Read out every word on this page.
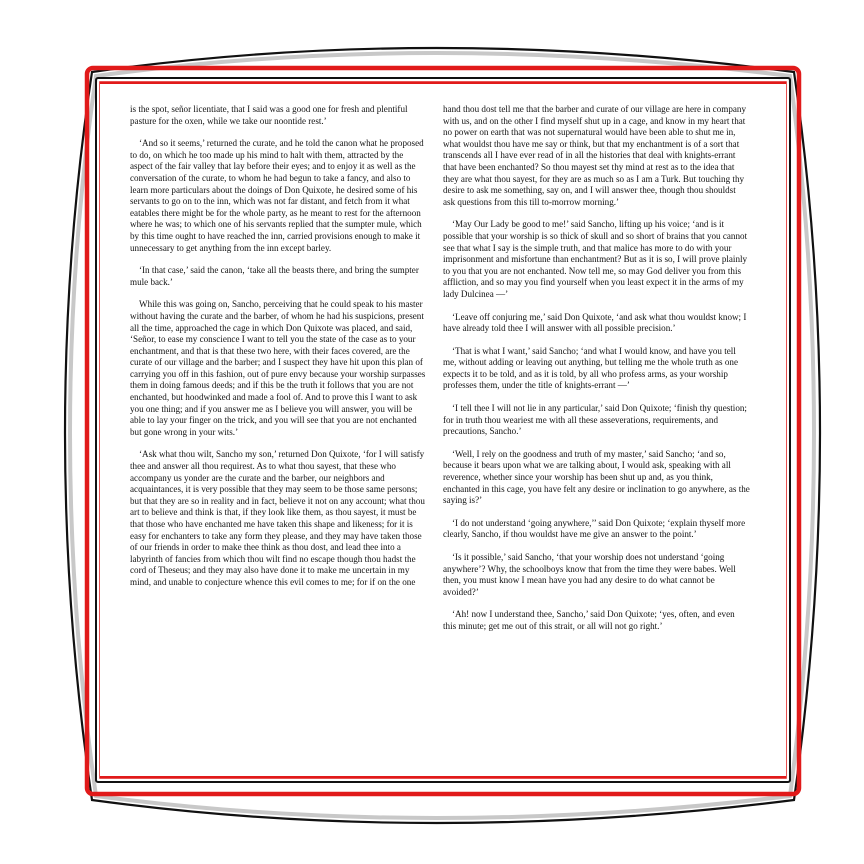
is the spot, señor licentiate, that I said was a good one for fresh and plentiful pasture for the oxen, while we take our noontide rest.’

‘And so it seems,’ returned the curate, and he told the canon what he proposed to do, on which he too made up his mind to halt with them, attracted by the aspect of the fair valley that lay before their eyes; and to enjoy it as well as the conversation of the curate, to whom he had begun to take a fancy, and also to learn more particulars about the doings of Don Quixote, he desired some of his servants to go on to the inn, which was not far distant, and fetch from it what eatables there might be for the whole party, as he meant to rest for the afternoon where he was; to which one of his servants replied that the sumpter mule, which by this time ought to have reached the inn, carried provisions enough to make it unnecessary to get anything from the inn except barley.

‘In that case,’ said the canon, ‘take all the beasts there, and bring the sumpter mule back.’

While this was going on, Sancho, perceiving that he could speak to his master without having the curate and the barber, of whom he had his suspicions, present all the time, approached the cage in which Don Quixote was placed, and said, ‘Señor, to ease my conscience I want to tell you the state of the case as to your enchantment, and that is that these two here, with their faces covered, are the curate of our village and the barber; and I suspect they have hit upon this plan of carrying you off in this fashion, out of pure envy because your worship surpasses them in doing famous deeds; and if this be the truth it follows that you are not enchanted, but hoodwinked and made a fool of. And to prove this I want to ask you one thing; and if you answer me as I believe you will answer, you will be able to lay your finger on the trick, and you will see that you are not enchanted but gone wrong in your wits.’

‘Ask what thou wilt, Sancho my son,’ returned Don Quixote, ‘for I will satisfy thee and answer all thou requirest. As to what thou sayest, that these who accompany us yonder are the curate and the barber, our neighbors and acquaintances, it is very possible that they may seem to be those same persons; but that they are so in reality and in fact, believe it not on any account; what thou art to believe and think is that, if they look like them, as thou sayest, it must be that those who have enchanted me have taken this shape and likeness; for it is easy for enchanters to take any form they please, and they may have taken those of our friends in order to make thee think as thou dost, and lead thee into a labyrinth of fancies from which thou wilt find no escape though thou hadst the cord of Theseus; and they may also have done it to make me uncertain in my mind, and unable to conjecture whence this evil comes to me; for if on the one

hand thou dost tell me that the barber and curate of our village are here in company with us, and on the other I find myself shut up in a cage, and know in my heart that no power on earth that was not supernatural would have been able to shut me in, what wouldst thou have me say or think, but that my enchantment is of a sort that transcends all I have ever read of in all the histories that deal with knights-errant that have been enchanted? So thou mayest set thy mind at rest as to the idea that they are what thou sayest, for they are as much so as I am a Turk. But touching thy desire to ask me something, say on, and I will answer thee, though thou shouldst ask questions from this till to-morrow morning.’

‘May Our Lady be good to me!’ said Sancho, lifting up his voice; ‘and is it possible that your worship is so thick of skull and so short of brains that you cannot see that what I say is the simple truth, and that malice has more to do with your imprisonment and misfortune than enchantment? But as it is so, I will prove plainly to you that you are not enchanted. Now tell me, so may God deliver you from this affliction, and so may you find yourself when you least expect it in the arms of my lady Dulcinea —’

‘Leave off conjuring me,’ said Don Quixote, ‘and ask what thou wouldst know; I have already told thee I will answer with all possible precision.’

‘That is what I want,’ said Sancho; ‘and what I would know, and have you tell me, without adding or leaving out anything, but telling me the whole truth as one expects it to be told, and as it is told, by all who profess arms, as your worship professes them, under the title of knights-errant —’

‘I tell thee I will not lie in any particular,’ said Don Quixote; ‘finish thy question; for in truth thou weariest me with all these asseverations, requirements, and precautions, Sancho.’

‘Well, I rely on the goodness and truth of my master,’ said Sancho; ‘and so, because it bears upon what we are talking about, I would ask, speaking with all reverence, whether since your worship has been shut up and, as you think, enchanted in this cage, you have felt any desire or inclination to go anywhere, as the saying is?’

‘I do not understand ‘going anywhere,’’ said Don Quixote; ‘explain thyself more clearly, Sancho, if thou wouldst have me give an answer to the point.’

‘Is it possible,’ said Sancho, ‘that your worship does not understand ‘going anywhere’? Why, the schoolboys know that from the time they were babes. Well then, you must know I mean have you had any desire to do what cannot be avoided?’

‘Ah! now I understand thee, Sancho,’ said Don Quixote; ‘yes, often, and even this minute; get me out of this strait, or all will not go right.’
